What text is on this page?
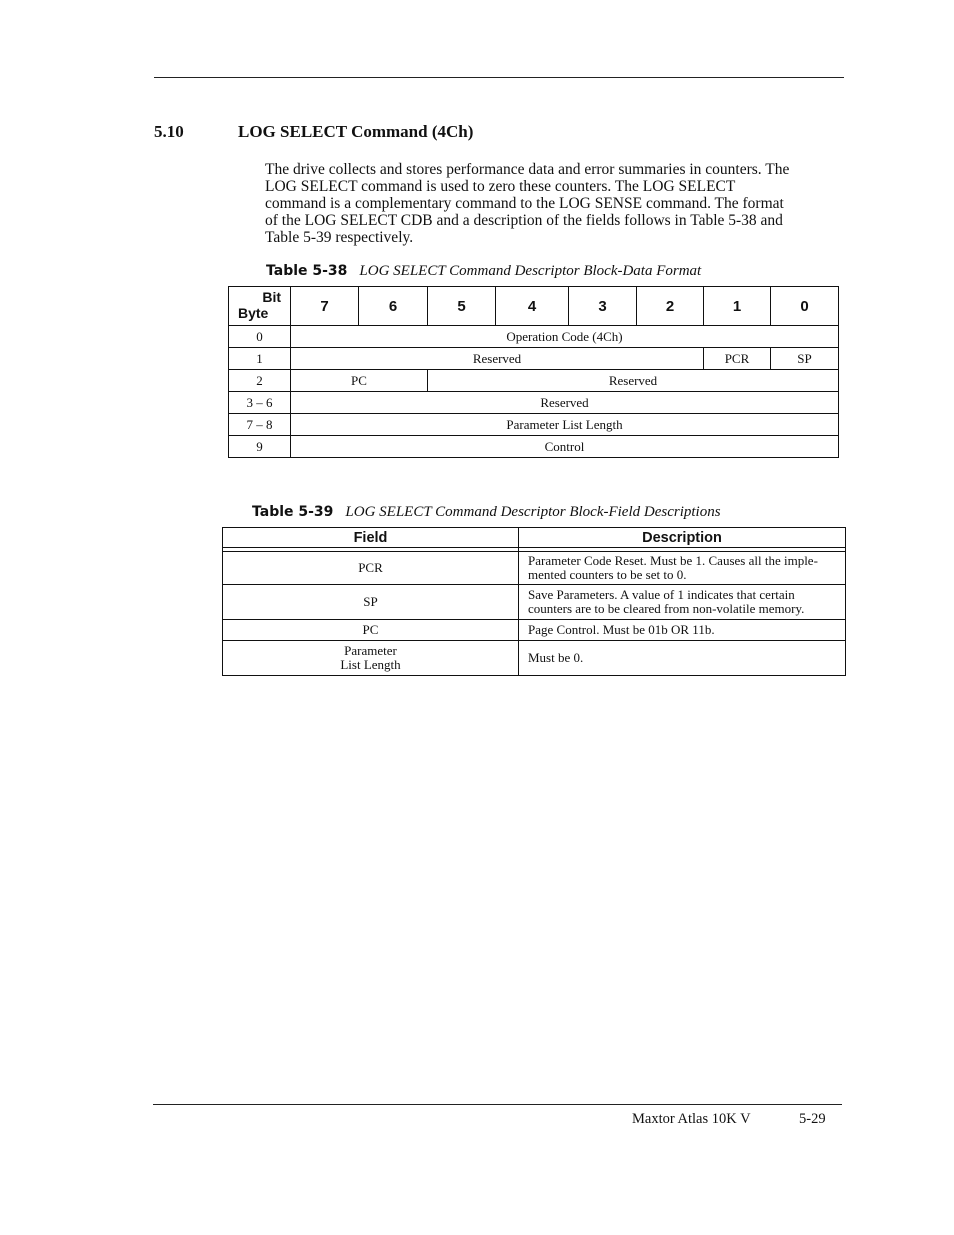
5.10	LOG SELECT Command (4Ch)
The drive collects and stores performance data and error summaries in counters. The
LOG SELECT command is used to zero these counters. The LOG SELECT
command is a complementary command to the LOG SENSE command. The format
of the LOG SELECT CDB and a description of the fields follows in Table 5-38 and
Table 5-39 respectively.
Table 5-38 LOG SELECT Command Descriptor Block-Data Format
Bit
Byte	7	6	5	4	3	2	1	0
0	Operation Code (4Ch)							
1	Reserved						PCR	SP
2	PC		Reserved					
3 – 6	Reserved							
7 – 8	Parameter List Length							
9	Control							
Table 5-39 LOG SELECT Command Descriptor Block-Field Descriptions
Field	Description

PCR	Parameter Code Reset. Must be 1. Causes all the imple-
mented counters to be set to 0.

SP	Save Parameters. A value of 1 indicates that certain
counters are to be cleared from non-volatile memory.

PC	Page Control. Must be 01b OR 11b.

Parameter
List Length	Must be 0.
Maxtor Atlas 10K V	5-29
